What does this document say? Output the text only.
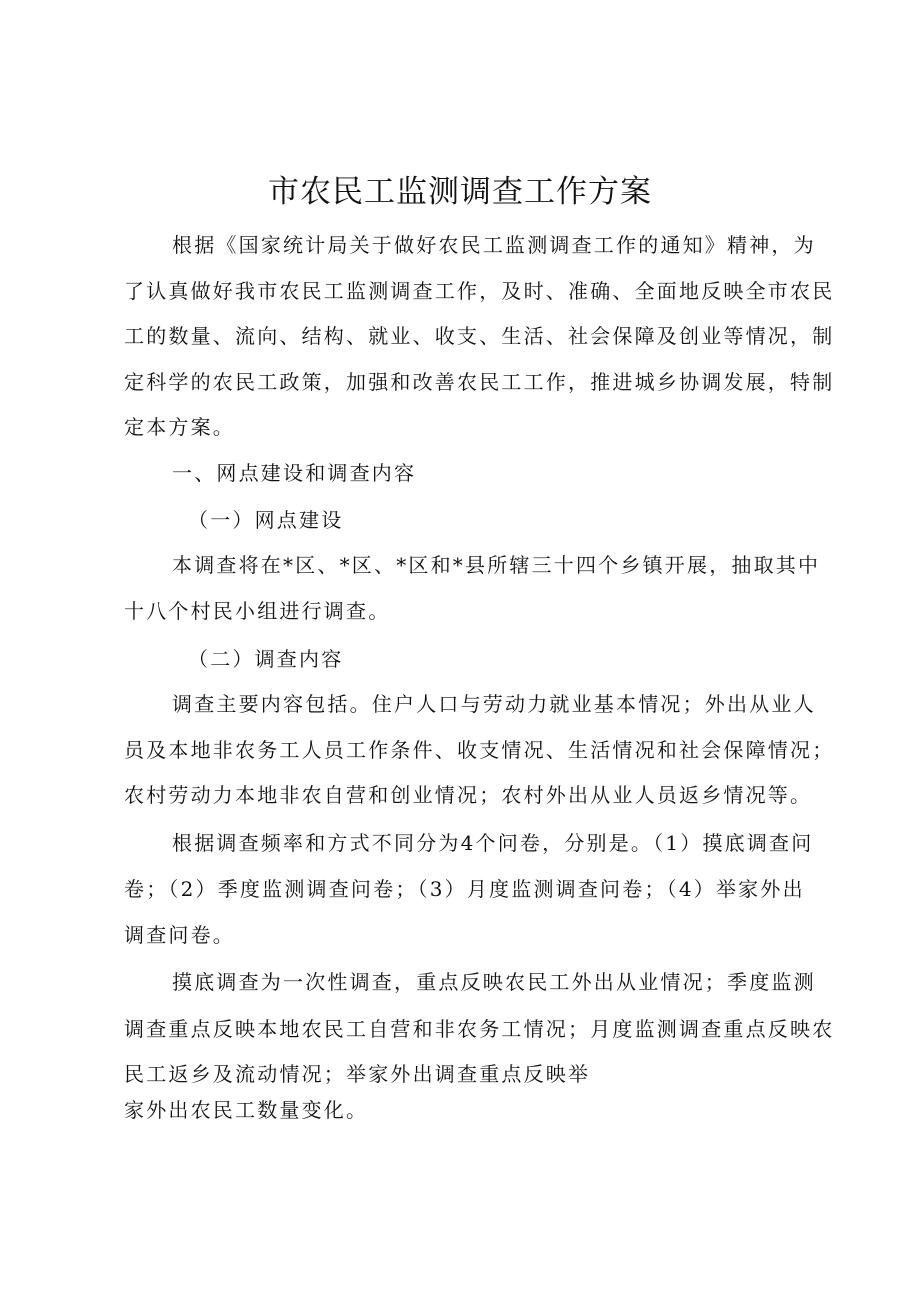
市农民工监测调查工作方案
根据《国家统计局关于做好农民工监测调查工作的通知》精神，为
了认真做好我市农民工监测调查工作，及时、准确、全面地反映全市农民
工的数量、流向、结构、就业、收支、生活、社会保障及创业等情况，制
定科学的农民工政策，加强和改善农民工工作，推进城乡协调发展，特制
定本方案。
一、网点建设和调查内容
（一）网点建设
本调查将在*区、*区、*区和*县所辖三十四个乡镇开展，抽取其中
十八个村民小组进行调查。
（二）调查内容
调查主要内容包括。住户人口与劳动力就业基本情况；外出从业人
员及本地非农务工人员工作条件、收支情况、生活情况和社会保障情况；
农村劳动力本地非农自营和创业情况；农村外出从业人员返乡情况等。
根据调查频率和方式不同分为4个问卷，分别是。（1）摸底调查问
卷；（2）季度监测调查问卷；（3）月度监测调查问卷；（4）举家外出
调查问卷。
摸底调查为一次性调查，重点反映农民工外出从业情况；季度监测
调查重点反映本地农民工自营和非农务工情况；月度监测调查重点反映农
民工返乡及流动情况；举家外出调查重点反映举
家外出农民工数量变化。
